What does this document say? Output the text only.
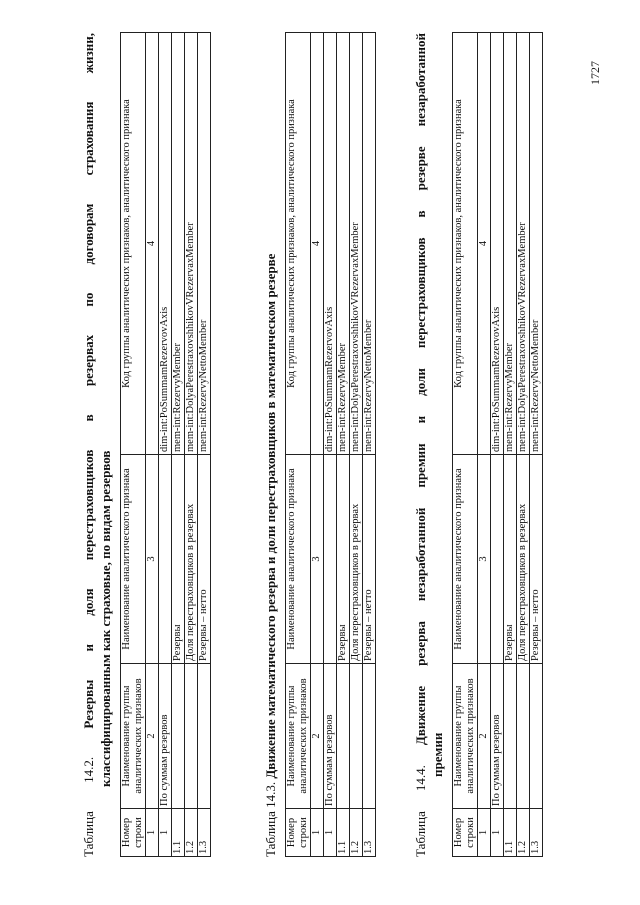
1727
Таблица 14.2. Резервы и доля перестраховщиков в резервах по договорам страхования жизни, классифицированным как страховые, по видам резервов
Номер строки	Наименование группы аналитических признаков	Наименование аналитического признака	Код группы аналитических признаков, аналитического признака
1	2	3	4
1	По суммам резервов		dim-int:PoSummamRezervovAxis
1.1		Резервы	mem-int:RezervyMember
1.2		Доля перестраховщиков в резервах	mem-int:DolyaPerestraxovshhikovVRezervaxMember
1.3		Резервы – нетто	mem-int:RezervyNettoMember
Таблица 14.3. Движение математического резерва и доли перестраховщиков в математическом резерве
Номер строки	Наименование группы аналитических признаков	Наименование аналитического признака	Код группы аналитических признаков, аналитического признака
1	2	3	4
1	По суммам резервов		dim-int:PoSummamRezervovAxis
1.1		Резервы	mem-int:RezervyMember
1.2		Доля перестраховщиков в резервах	mem-int:DolyaPerestraxovshhikovVRezervaxMember
1.3		Резервы – нетто	mem-int:RezervyNettoMember
Таблица 14.4. Движение резерва незаработанной премии и доли перестраховщиков в резерве незаработанной
премии
Номер строки	Наименование группы аналитических признаков	Наименование аналитического признака	Код группы аналитических признаков, аналитического признака
1	2	3	4
1	По суммам резервов		dim-int:PoSummamRezervovAxis
1.1		Резервы	mem-int:RezervyMember
1.2		Доля перестраховщиков в резервах	mem-int:DolyaPerestraxovshhikovVRezervaxMember
1.3		Резервы – нетто	mem-int:RezervyNettoMember
